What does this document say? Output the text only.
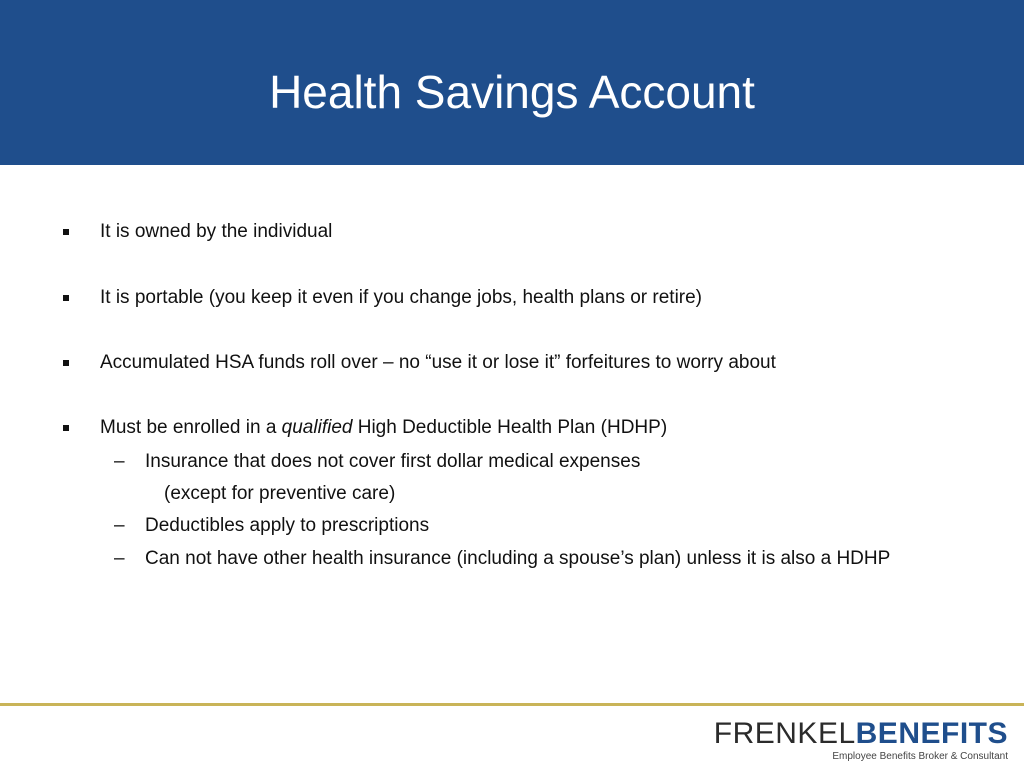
Health Savings Account
It is owned by the individual
It is portable (you keep it even if you change jobs, health plans or retire)
Accumulated HSA funds roll over – no “use it or lose it” forfeitures to worry about
Must be enrolled in a qualified High Deductible Health Plan (HDHP)
– Insurance that does not cover first dollar medical expenses
(except for preventive care)
– Deductibles apply to prescriptions
– Can not have other health insurance (including a spouse’s plan) unless it is also a HDHP
FRENKELBENEFITS
Employee Benefits Broker & Consultant
